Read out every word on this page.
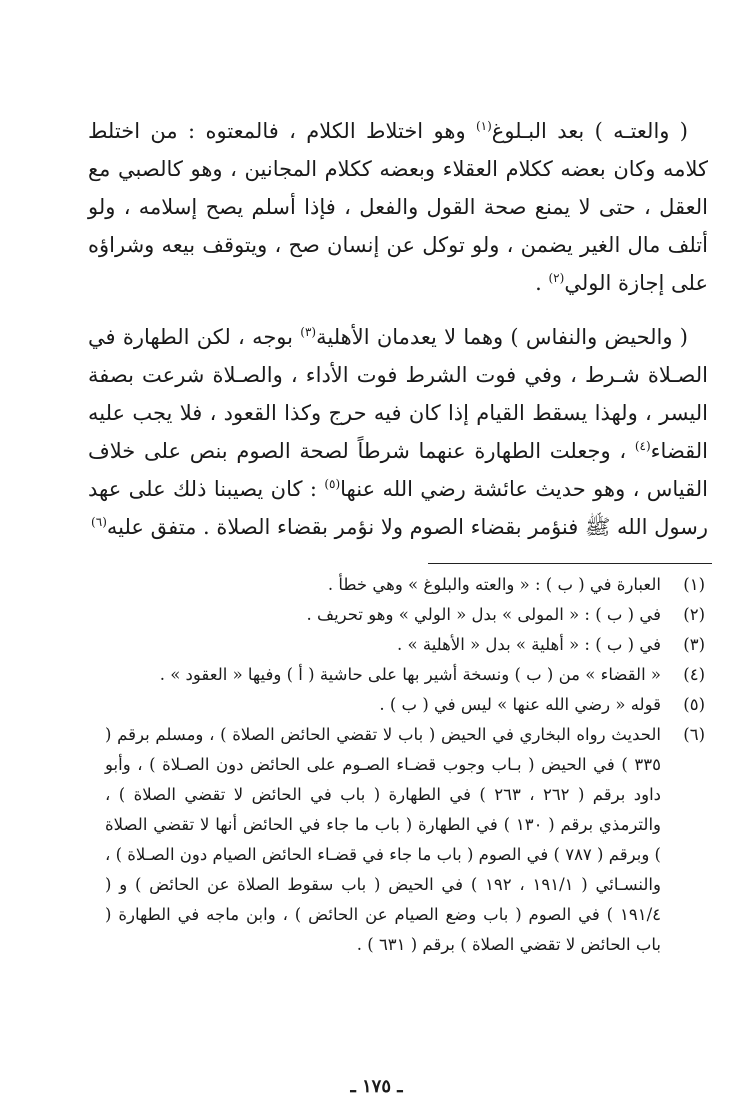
( والعتـه ) بعد البـلوغ$^{(١)}$ وهو اختلاط الكلام ، فالمعتوه : من اختلط كلامه وكان بعضه ككلام العقلاء وبعضه ككلام المجانين ، وهو كالصبي مع العقل ، حتى لا يمنع صحة القول والفعل ، فإذا أسلم يصح إسلامه ، ولو أتلف مال الغير يضمن ، ولو توكل عن إنسان صح ، ويتوقف بيعه وشراؤه على إجازة الولي$^{(٢)}$ .

( والحيض والنفاس ) وهما لا يعدمان الأهلية$^{(٣)}$ بوجه ، لكن الطهارة في الصـلاة شـرط ، وفي فوت الشرط فوت الأداء ، والصـلاة شرعت بصفة اليسر ، ولهذا يسقط القيام إذا كان فيه حرج وكذا القعود ، فلا يجب عليه القضاء$^{(٤)}$ ، وجعلت الطهارة عنهما شرطاً لصحة الصوم بنص على خلاف القياس ، وهو حديث عائشة رضي الله عنها$^{(٥)}$ : كان يصيبنا ذلك على عهد رسول الله ﷺ فنؤمر بقضاء الصوم ولا نؤمر بقضاء الصلاة . متفق عليه$^{(٦)}$

(١)
العبارة في ( ب ) : « والعته والبلوغ » وهي خطأ .
(٢)
في ( ب ) : « المولى » بدل « الولي » وهو تحريف .
(٣)
في ( ب ) : « أهلية » بدل « الأهلية » .
(٤)
« القضاء » من ( ب ) ونسخة أشير بها على حاشية ( أ ) وفيها « العقود » .
(٥)
قوله « رضي الله عنها » ليس في ( ب ) .
(٦)
الحديث رواه البخاري في الحيض ( باب لا تقضي الحائض الصلاة ) ، ومسلم برقم ( ٣٣٥ ) في الحيض ( بـاب وجوب قضـاء الصـوم على الحائض دون الصـلاة ) ، وأبو داود برقم ( ٢٦٢ ، ٢٦٣ ) في الطهارة ( باب في الحائض لا تقضي الصلاة ) ، والترمذي برقم ( ١٣٠ ) في الطهارة ( باب ما جاء في الحائض أنها لا تقضي الصلاة ) وبرقم ( ٧٨٧ ) في الصوم ( باب ما جاء في قضـاء الحائض الصيام دون الصـلاة ) ، والنسـائي ( ١٩١/١ ، ١٩٢ ) في الحيض ( باب سقوط الصلاة عن الحائض ) و ( ١٩١/٤ ) في الصوم ( باب وضع الصيام عن الحائض ) ، وابن ماجه في الطهارة ( باب الحائض لا تقضي الصلاة ) برقم ( ٦٣١ ) .
ـ ١٧٥ ـ
